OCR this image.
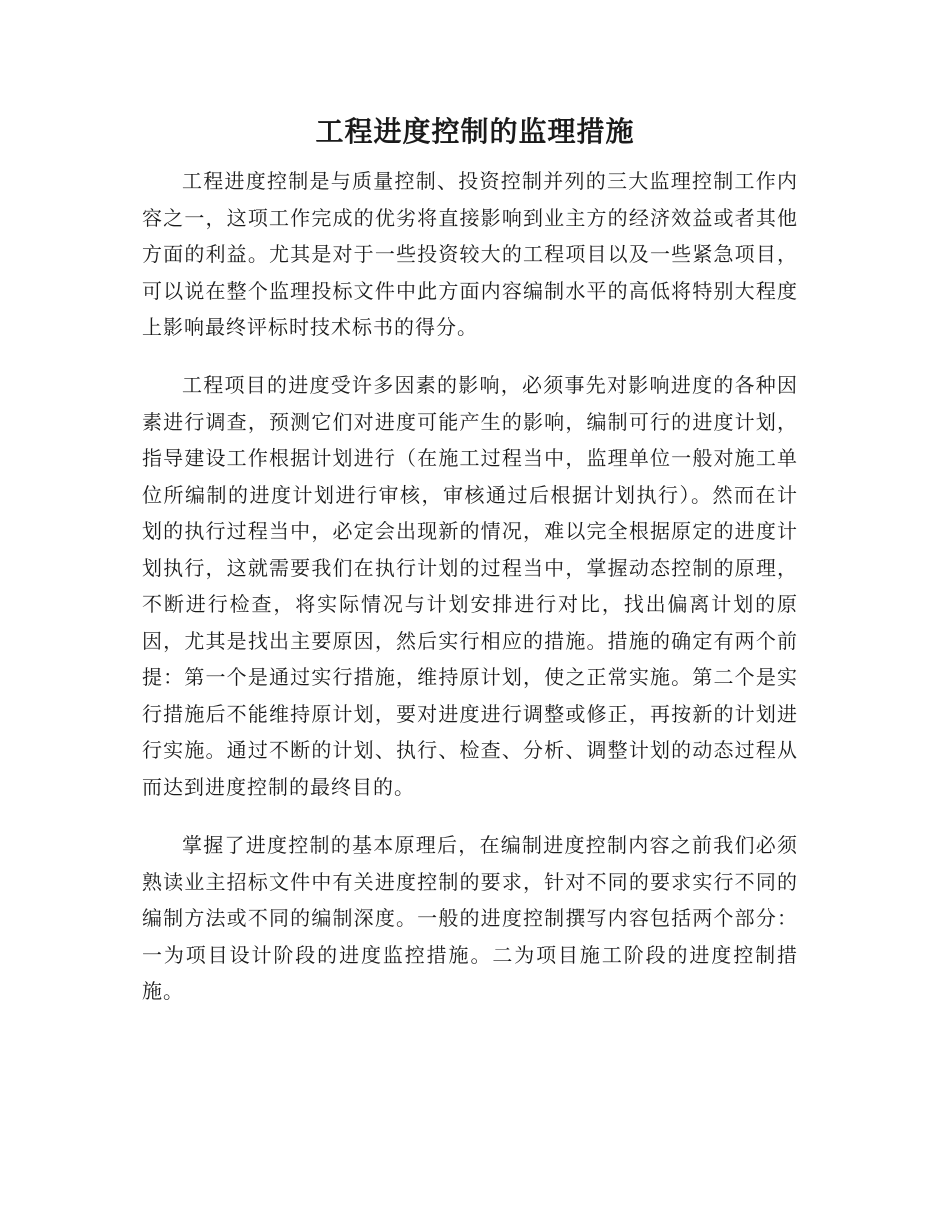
工程进度控制的监理措施

工程进度控制是与质量控制、投资控制并列的三大监理控制工作内容之一，这项工作完成的优劣将直接影响到业主方的经济效益或者其他方面的利益。尤其是对于一些投资较大的工程项目以及一些紧急项目，可以说在整个监理投标文件中此方面内容编制水平的高低将特别大程度上影响最终评标时技术标书的得分。

工程项目的进度受许多因素的影响，必须事先对影响进度的各种因素进行调查，预测它们对进度可能产生的影响，编制可行的进度计划，指导建设工作根据计划进行（在施工过程当中，监理单位一般对施工单位所编制的进度计划进行审核，审核通过后根据计划执行）。然而在计划的执行过程当中，必定会出现新的情况，难以完全根据原定的进度计划执行，这就需要我们在执行计划的过程当中，掌握动态控制的原理，不断进行检查，将实际情况与计划安排进行对比，找出偏离计划的原因，尤其是找出主要原因，然后实行相应的措施。措施的确定有两个前提：第一个是通过实行措施，维持原计划，使之正常实施。第二个是实行措施后不能维持原计划，要对进度进行调整或修正，再按新的计划进行实施。通过不断的计划、执行、检查、分析、调整计划的动态过程从而达到进度控制的最终目的。

掌握了进度控制的基本原理后，在编制进度控制内容之前我们必须熟读业主招标文件中有关进度控制的要求，针对不同的要求实行不同的编制方法或不同的编制深度。一般的进度控制撰写内容包括两个部分：一为项目设计阶段的进度监控措施。二为项目施工阶段的进度控制措施。
